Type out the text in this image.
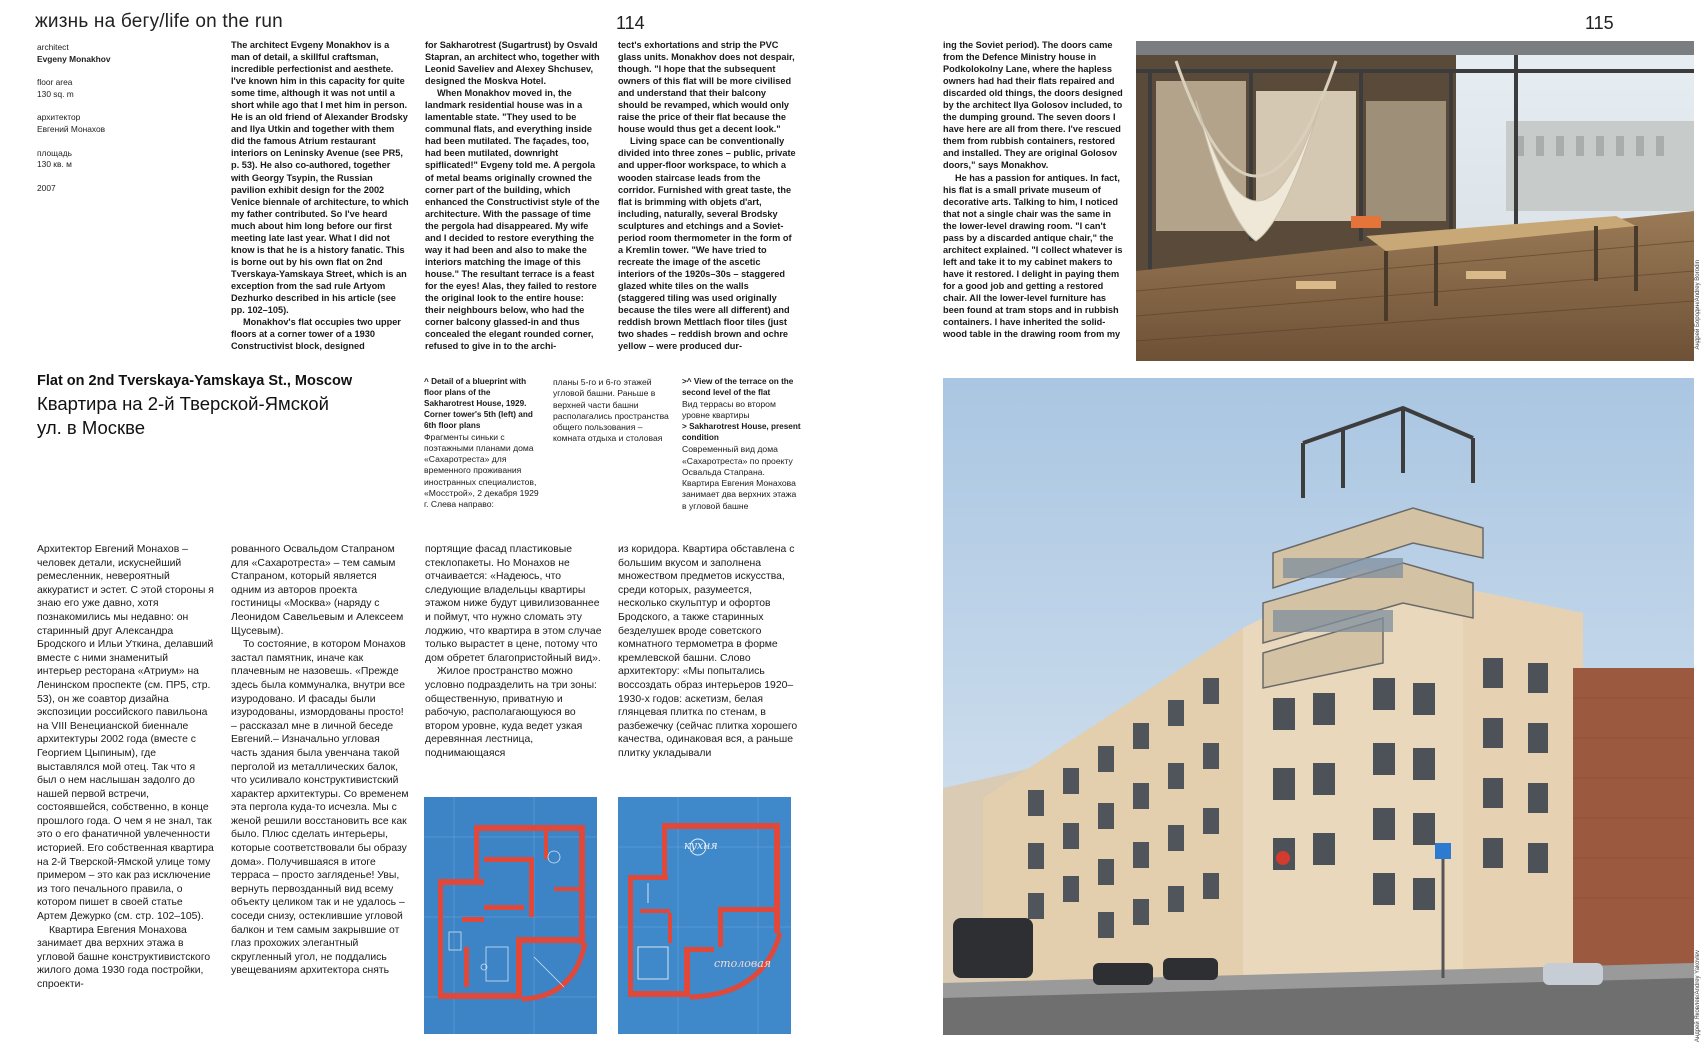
жизнь на бегу/life on the run	114	115
architect
Evgeny Monakhov
floor area
130 sq. m
архитектор
Евгений Монахов
площадь
130 кв. м
2007

The architect Evgeny Monakhov is a man of detail, a skillful craftsman, incredible perfectionist and aesthete. I've known him in this capacity for quite some time, although it was not until a short while ago that I met him in person. He is an old friend of Alexander Brodsky and Ilya Utkin and together with them did the famous Atrium restaurant interiors on Leninsky Avenue (see PR5, p. 53). He also co-authored, together with Georgy Tsypin, the Russian pavilion exhibit design for the 2002 Venice biennale of architecture, to which my father contributed. So I've heard much about him long before our first meeting late last year. What I did not know is that he is a history fanatic. This is borne out by his own flat on 2nd Tverskaya-Yamskaya Street, which is an exception from the sad rule Artyom Dezhurko described in his article (see pp. 102–105).

Monakhov's flat occupies two upper floors at a corner tower of a 1930 Constructivist block, designed

for Sakharotrest (Sugartrust) by Osvald Stapran, an architect who, together with Leonid Saveliev and Alexey Shchusev, designed the Moskva Hotel.

When Monakhov moved in, the landmark residential house was in a lamentable state. "They used to be communal flats, and everything inside had been mutilated. The façades, too, had been mutilated, downright spiflicated!" Evgeny told me. A pergola of metal beams originally crowned the corner part of the building, which enhanced the Constructivist style of the architecture. With the passage of time the pergola had disappeared. My wife and I decided to restore everything the way it had been and also to make the interiors matching the image of this house." The resultant terrace is a feast for the eyes! Alas, they failed to restore the original look to the entire house: their neighbours below, who had the corner balcony glassed-in and thus concealed the elegant rounded corner, refused to give in to the archi-

tect's exhortations and strip the PVC glass units. Monakhov does not despair, though. "I hope that the subsequent owners of this flat will be more civilised and understand that their balcony should be revamped, which would only raise the price of their flat because the house would thus get a decent look."

Living space can be conventionally divided into three zones – public, private and upper-floor workspace, to which a wooden staircase leads from the corridor. Furnished with great taste, the flat is brimming with objets d'art, including, naturally, several Brodsky sculptures and etchings and a Soviet-period room thermometer in the form of a Kremlin tower. "We have tried to recreate the image of the ascetic interiors of the 1920s–30s – staggered glazed white tiles on the walls (staggered tiling was used originally because the tiles were all different) and reddish brown Mettlach floor tiles (just two shades – reddish brown and ochre yellow – were produced dur-

ing the Soviet period). The doors came from the Defence Ministry house in Podkolokolny Lane, where the hapless owners had had their flats repaired and discarded old things, the doors designed by the architect Ilya Golosov included, to the dumping ground. The seven doors I have here are all from there. I've rescued them from rubbish containers, restored and installed. They are original Golosov doors," says Monakhov.

He has a passion for antiques. In fact, his flat is a small private museum of decorative arts. Talking to him, I noticed that not a single chair was the same in the lower-level drawing room. "I can't pass by a discarded antique chair," the architect explained. "I collect whatever is left and take it to my cabinet makers to have it restored. I delight in paying them for a good job and getting a restored chair. All the lower-level furniture has been found at tram stops and in rubbish containers. I have inherited the solid-wood table in the drawing room from my

Flat on 2nd Tverskaya-Yamskaya St., Moscow
Квартира на 2-й Тверской-Ямской
ул. в Москве

^ Detail of a blueprint with floor plans of the Sakharotrest House, 1929. Corner tower's 5th (left) and 6th floor plans

Фрагменты синьки с поэтажными планами дома «Сахаротреста» для временного проживания иностранных специалистов, «Мосстрой», 2 декабря 1929 г. Слева направо:

планы 5-го и 6-го этажей угловой башни. Раньше в верхней части башни располагались пространства общего пользования – комната отдыха и столовая

>^ View of the terrace on the second level of the flat

Вид террасы во втором уровне квартиры

> Sakharotrest House, present condition

Современный вид дома «Сахаротреста» по проекту Освальда Стапрана. Квартира Евгения Монахова занимает два верхних этажа в угловой башне

Архитектор Евгений Монахов – человек детали, искуснейший ремесленник, невероятный аккуратист и эстет. С этой стороны я знаю его уже давно, хотя познакомились мы недавно: он старинный друг Александра Бродского и Ильи Уткина, делавший вместе с ними знаменитый интерьер ресторана «Атриум» на Ленинском проспекте (см. ПР5, стр. 53), он же соавтор дизайна экспозиции российского павильона на VIII Венецианской биеннале архитектуры 2002 года (вместе с Георгием Цыпиным), где выставлялся мой отец. Так что я был о нем наслышан задолго до нашей первой встречи, состоявшейся, собственно, в конце прошлого года. О чем я не знал, так это о его фанатичной увлеченности историей. Его собственная квартира на 2-й Тверской-Ямской улице тому примером – это как раз исключение из того печального правила, о котором пишет в своей статье Артем Дежурко (см. стр. 102–105).

Квартира Евгения Монахова занимает два верхних этажа в угловой башне конструктивистского жилого дома 1930 года постройки, спроекти-

рованного Освальдом Стапраном для «Сахаротреста» – тем самым Стапраном, который является одним из авторов проекта гостиницы «Москва» (наряду с Леонидом Савельевым и Алексеем Щусевым).

То состояние, в котором Монахов застал памятник, иначе как плачевным не назовешь. «Прежде здесь была коммуналка, внутри все изуродовано. И фасады были изуродованы, измордованы просто! – рассказал мне в личной беседе Евгений.– Изначально угловая часть здания была увенчана такой перголой из металлических балок, что усиливало конструктивистский характер архитектуры. Со временем эта пергола куда-то исчезла. Мы с женой решили восстановить все как было. Плюс сделать интерьеры, которые соответствовали бы образу дома». Получившаяся в итоге терраса – просто загляденье! Увы, вернуть первозданный вид всему объекту целиком так и не удалось – соседи снизу, остеклившие угловой балкон и тем самым закрывшие от глаз прохожих элегантный скругленный угол, не поддались увещеваниям архитектора снять

портящие фасад пластиковые стеклопакеты. Но Монахов не отчаивается: «Надеюсь, что следующие владельцы квартиры этажом ниже будут цивилизованнее и поймут, что нужно сломать эту лоджию, что квартира в этом случае только вырастет в цене, потому что дом обретет благопристойный вид».

Жилое пространство можно условно подразделить на три зоны: общественную, приватную и рабочую, располагающуюся во втором уровне, куда ведет узкая деревянная лестница, поднимающаяся

из коридора. Квартира обставлена с большим вкусом и заполнена множеством предметов искусства, среди которых, разумеется, несколько скульптур и офортов Бродского, а также старинных безделушек вроде советского комнатного термометра в форме кремлевской башни. Слово архитектору: «Мы попытались воссоздать образ интерьеров 1920–1930-х годов: аскетизм, белая глянцевая плитка по стенам, в разбежечку (сейчас плитка хорошего качества, одинаковая вся, а раньше плитку укладывали

кухня
столовая
Андрей Бородин/Andrey Borodin
Андрей Яковлев/Andrey Yakovlev
